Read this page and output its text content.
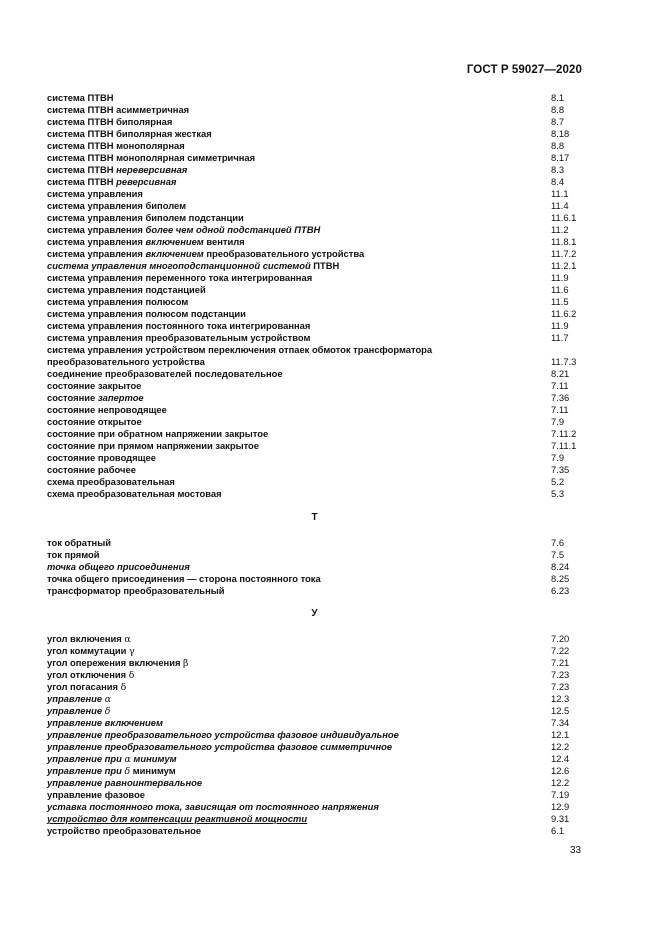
ГОСТ Р 59027—2020
система ПТВН	8.1
система ПТВН асимметричная	8.8
система ПТВН биполярная	8.7
система ПТВН биполярная жесткая	8.18
система ПТВН монополярная	8.8
система ПТВН монополярная симметричная	8.17
система ПТВН нереверсивная	8.3
система ПТВН реверсивная	8.4
система управления	11.1
система управления биполем	11.4
система управления биполем подстанции	11.6.1
система управления более чем одной подстанцией ПТВН	11.2
система управления включением вентиля	11.8.1
система управления включением преобразовательного устройства	11.7.2
система управления многоподстанционной системой ПТВН	11.2.1
система управления переменного тока интегрированная	11.9
система управления подстанцией	11.6
система управления полюсом	11.5
система управления полюсом подстанции	11.6.2
система управления постоянного тока интегрированная	11.9
система управления преобразовательным устройством	11.7
система управления устройством переключения отпаек обмоток трансформатора
преобразовательного устройства	11.7.3
соединение преобразователей последовательное	8.21
состояние закрытое	7.11
состояние запертое	7.36
состояние непроводящее	7.11
состояние открытое	7.9
состояние при обратном напряжении закрытое	7.11.2
состояние при прямом напряжении закрытое	7.11.1
состояние проводящее	7.9
состояние рабочее	7.35
схема преобразовательная	5.2
схема преобразовательная мостовая	5.3
Т
ток обратный	7.6
ток прямой	7.5
точка общего присоединения	8.24
точка общего присоединения — сторона постоянного тока	8.25
трансформатор преобразовательный	6.23
У
угол включения α	7.20
угол коммутации γ	7.22
угол опережения включения β	7.21
угол отключения δ	7.23
угол погасания δ	7.23
управление α	12.3
управление δ	12.5
управление включением	7.34
управление преобразовательного устройства фазовое индивидуальное	12.1
управление преобразовательного устройства фазовое симметричное	12.2
управление при α минимум	12.4
управление при δ минимум	12.6
управление равноинтервальное	12.2
управление фазовое	7.19
уставка постоянного тока, зависящая от постоянного напряжения	12.9
устройство для компенсации реактивной мощности	9.31
устройство преобразовательное	6.1
33
